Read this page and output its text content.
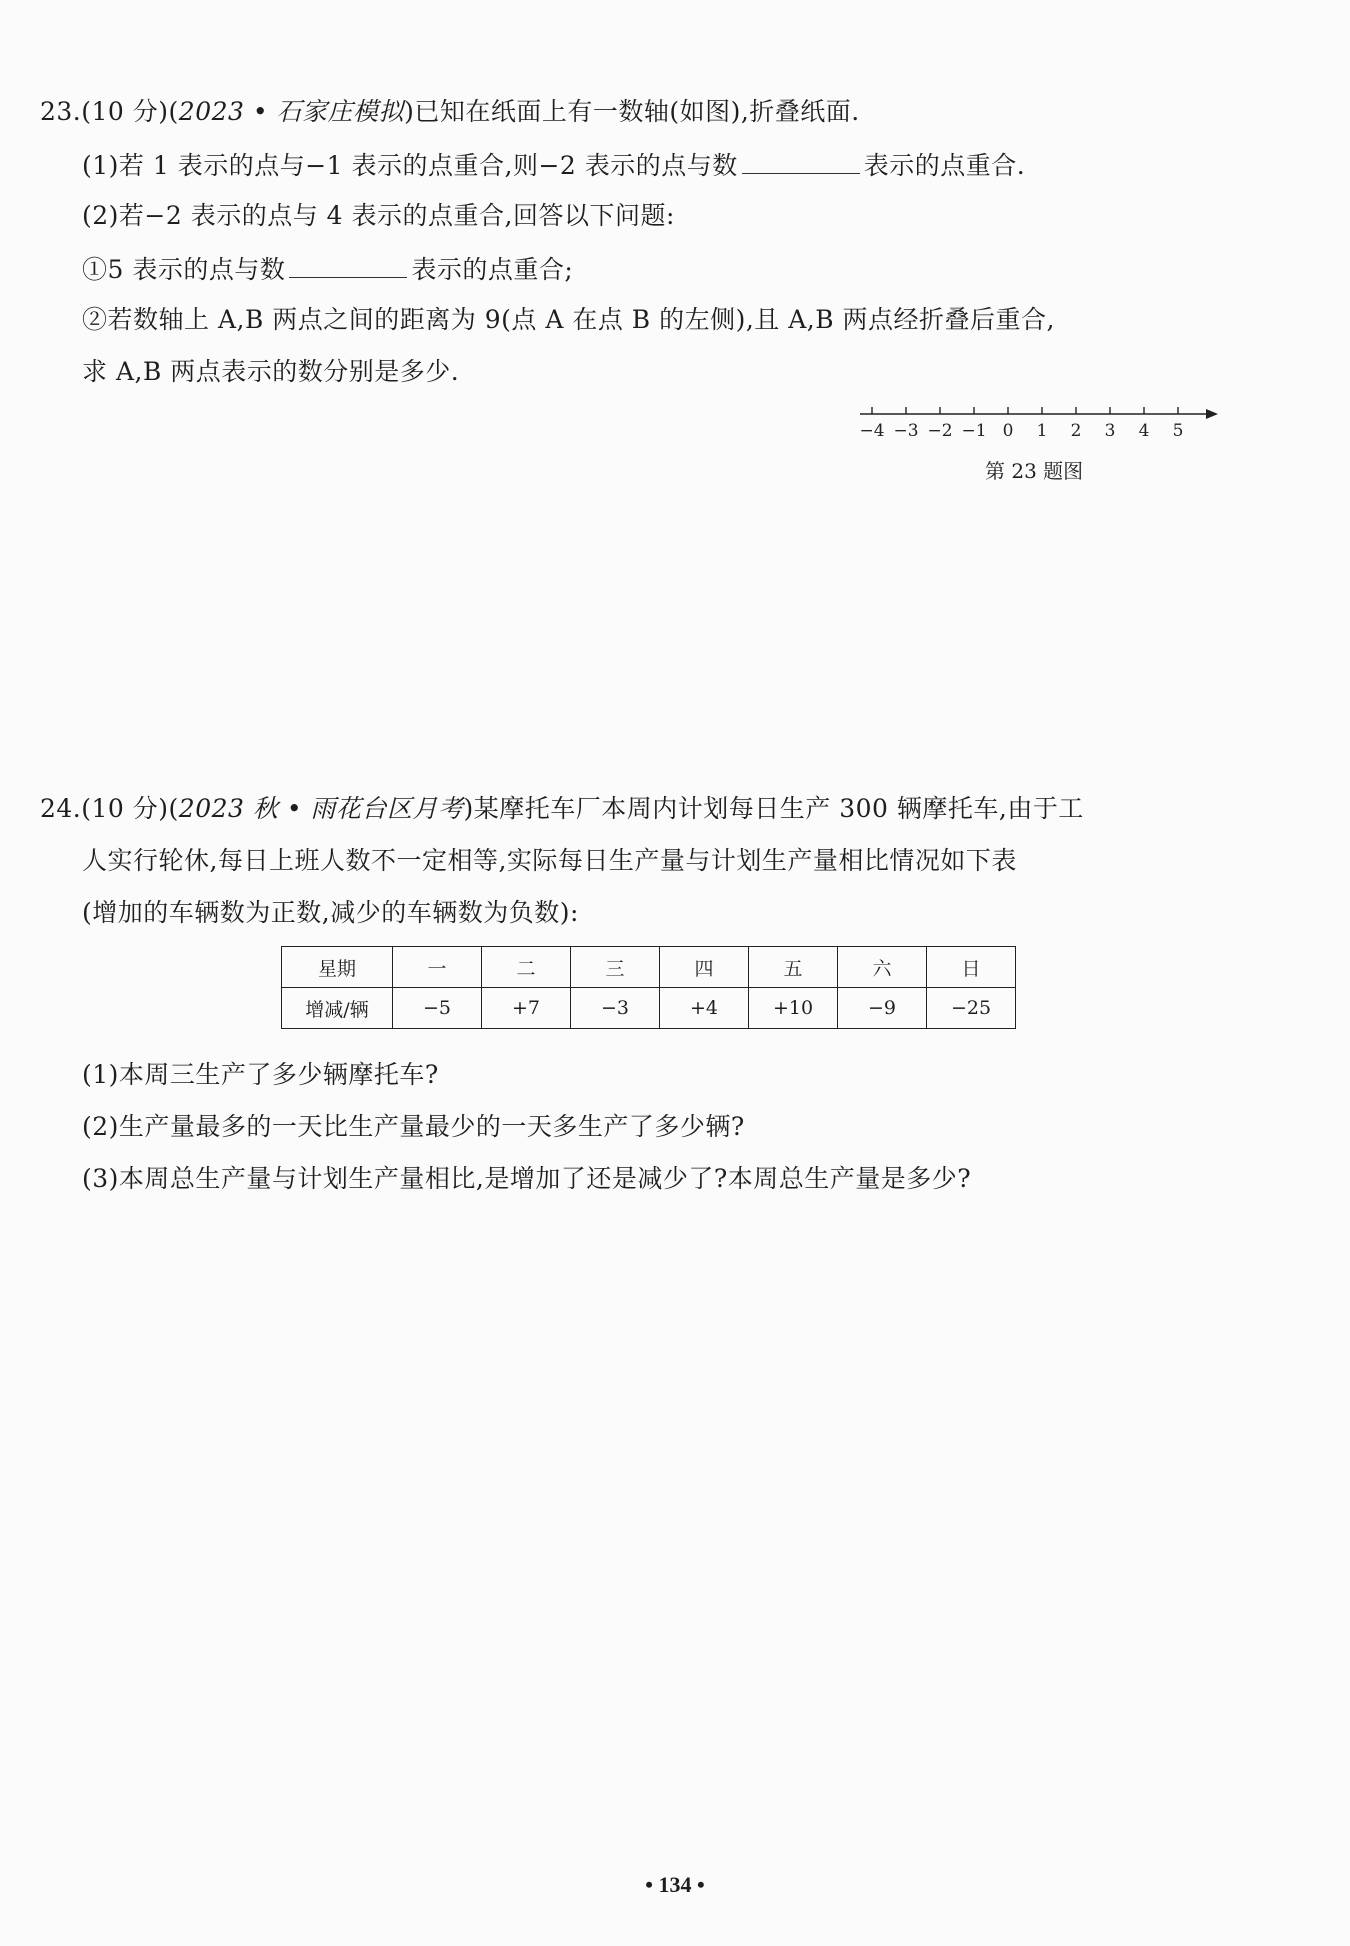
23.(10 分)(2023 • 石家庄模拟)已知在纸面上有一数轴(如图),折叠纸面.
(1)若 1 表示的点与−1 表示的点重合,则−2 表示的点与数	表示的点重合.
(2)若−2 表示的点与 4 表示的点重合,回答以下问题:
①5 表示的点与数	表示的点重合;
②若数轴上 A,B 两点之间的距离为 9(点 A 在点 B 的左侧),且 A,B 两点经折叠后重合,
求 A,B 两点表示的数分别是多少.
−4 −3 −2 −1 0 1 2 3 4 5
第 23 题图
24.(10 分)(2023 秋 • 雨花台区月考)某摩托车厂本周内计划每日生产 300 辆摩托车,由于工
人实行轮休,每日上班人数不一定相等,实际每日生产量与计划生产量相比情况如下表
(增加的车辆数为正数,减少的车辆数为负数):
星期	一	二	三	四	五	六	日
增减/辆	−5	+7	−3	+4	+10	−9	−25
(1)本周三生产了多少辆摩托车?
(2)生产量最多的一天比生产量最少的一天多生产了多少辆?
(3)本周总生产量与计划生产量相比,是增加了还是减少了?本周总生产量是多少?
• 134 •
